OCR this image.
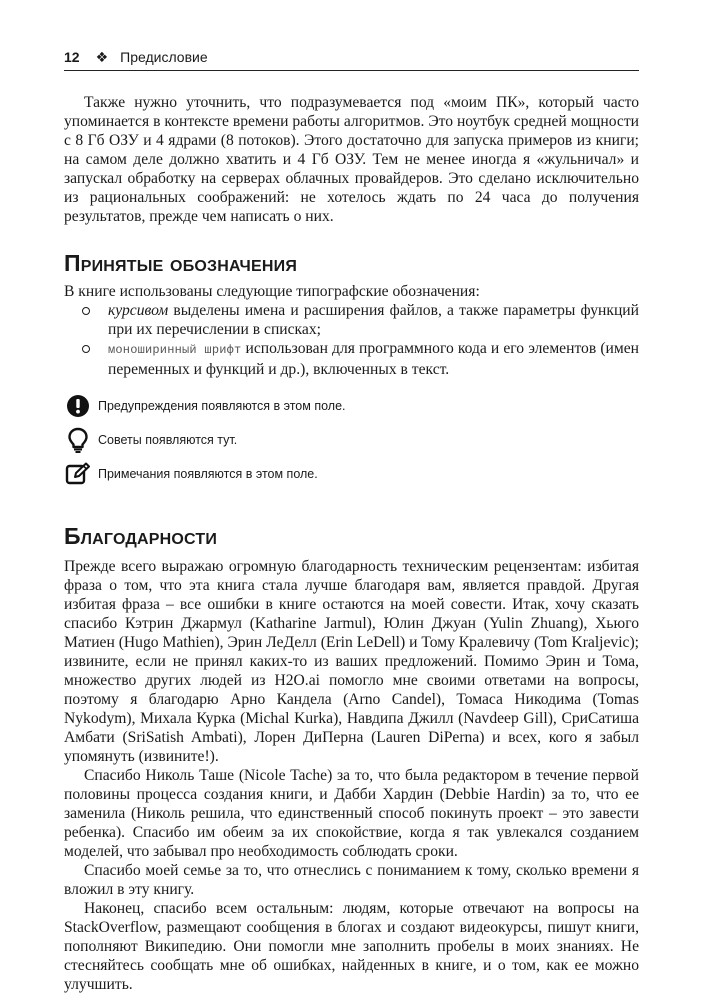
12 ❖ Предисловие

Также нужно уточнить, что подразумевается под «моим ПК», который часто упоминается в контексте времени работы алгоритмов. Это ноутбук средней мощности с 8 Гб ОЗУ и 4 ядрами (8 потоков). Этого достаточно для запуска примеров из книги; на самом деле должно хватить и 4 Гб ОЗУ. Тем не менее иногда я «жульничал» и запускал обработку на серверах облачных провайдеров. Это сделано исключительно из рациональных соображений: не хотелось ждать по 24 часа до получения результатов, прежде чем написать о них.

Принятые обозначения

В книге использованы следующие типографские обозначения:

курсивом выделены имена и расширения файлов, а также параметры функций при их перечислении в списках;
моноширинный шрифт использован для программного кода и его элементов (имен переменных и функций и др.), включенных в текст.
Предупреждения появляются в этом поле.
Советы появляются тут.
Примечания появляются в этом поле.
Благодарности

Прежде всего выражаю огромную благодарность техническим рецензентам: избитая фраза о том, что эта книга стала лучше благодаря вам, является правдой. Другая избитая фраза – все ошибки в книге остаются на моей совести. Итак, хочу сказать спасибо Кэтрин Джармул (Katharine Jarmul), Юлин Джуан (Yulin Zhuang), Хьюго Матиен (Hugo Mathien), Эрин ЛеДелл (Erin LeDell) и Тому Кралевичу (Tom Kraljevic); извините, если не принял каких-то из ваших предложений. Помимо Эрин и Тома, множество других людей из H2O.ai помогло мне своими ответами на вопросы, поэтому я благодарю Арно Кандела (Arno Candel), Томаса Никодима (Tomas Nykodym), Михала Курка (Michal Kurka), Навдипа Джилл (Navdeep Gill), СриСатиша Амбати (SriSatish Ambati), Лорен ДиПерна (Lauren DiPerna) и всех, кого я забыл упомянуть (извините!).

Спасибо Николь Таше (Nicole Tache) за то, что была редактором в течение первой половины процесса создания книги, и Дабби Хардин (Debbie Hardin) за то, что ее заменила (Николь решила, что единственный способ покинуть проект – это завести ребенка). Спасибо им обеим за их спокойствие, когда я так увлекался созданием моделей, что забывал про необходимость соблюдать сроки.

Спасибо моей семье за то, что отнеслись с пониманием к тому, сколько времени я вложил в эту книгу.

Наконец, спасибо всем остальным: людям, которые отвечают на вопросы на StackOverflow, размещают сообщения в блогах и создают видеокурсы, пишут книги, пополняют Википедию. Они помогли мне заполнить пробелы в моих знаниях. Не стесняйтесь сообщать мне об ошибках, найденных в книге, и о том, как ее можно улучшить.
